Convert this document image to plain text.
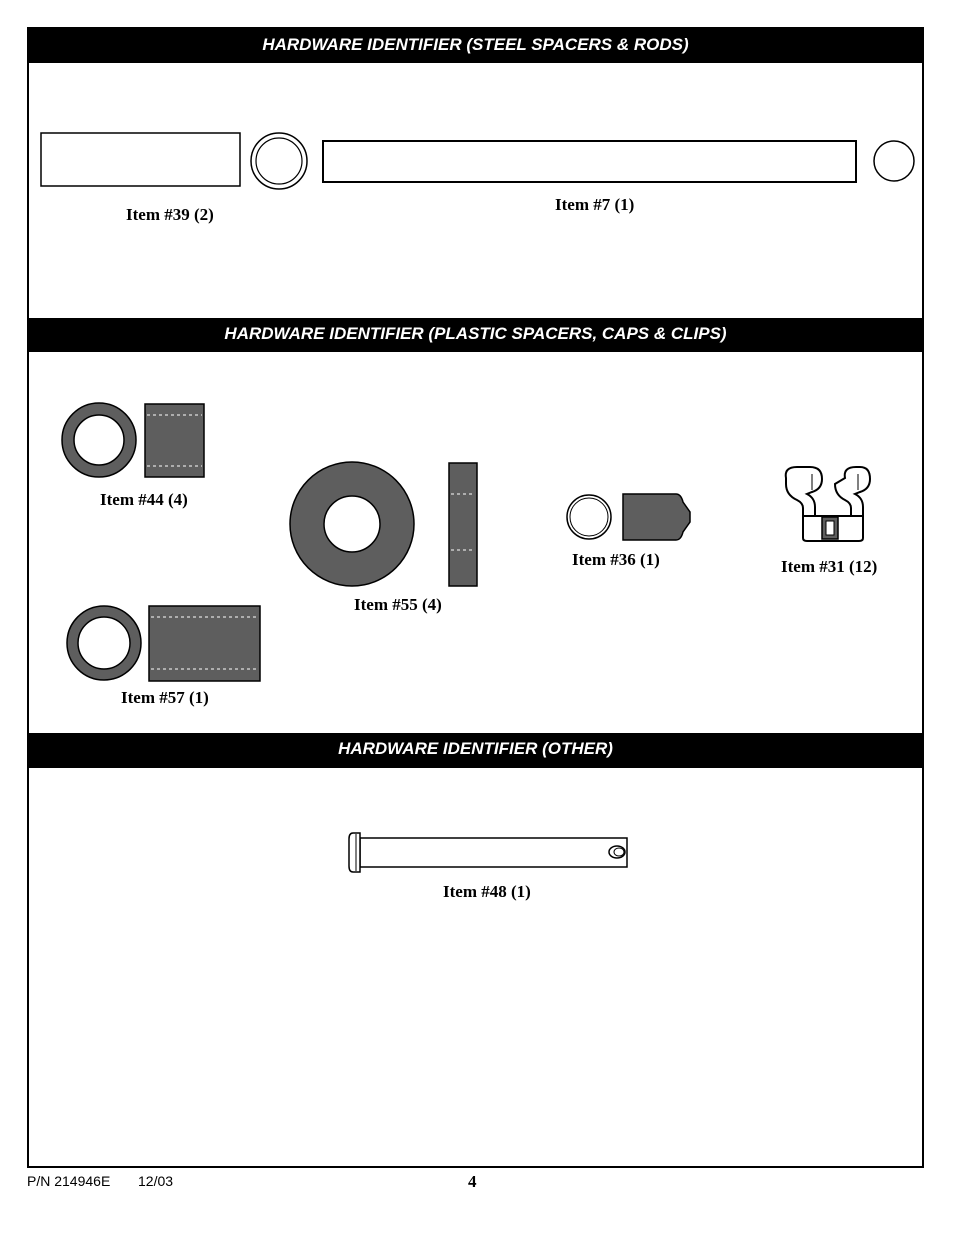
HARDWARE IDENTIFIER (STEEL SPACERS & RODS)
HARDWARE IDENTIFIER (PLASTIC SPACERS, CAPS & CLIPS)
HARDWARE IDENTIFIER (OTHER)
Item #39 (2)
Item #7 (1)
Item #44 (4)
Item #55 (4)
Item #36 (1)	Item #31 (12)
Item #57 (1)
Item #48 (1)
P/N 214946E 12/03	4
